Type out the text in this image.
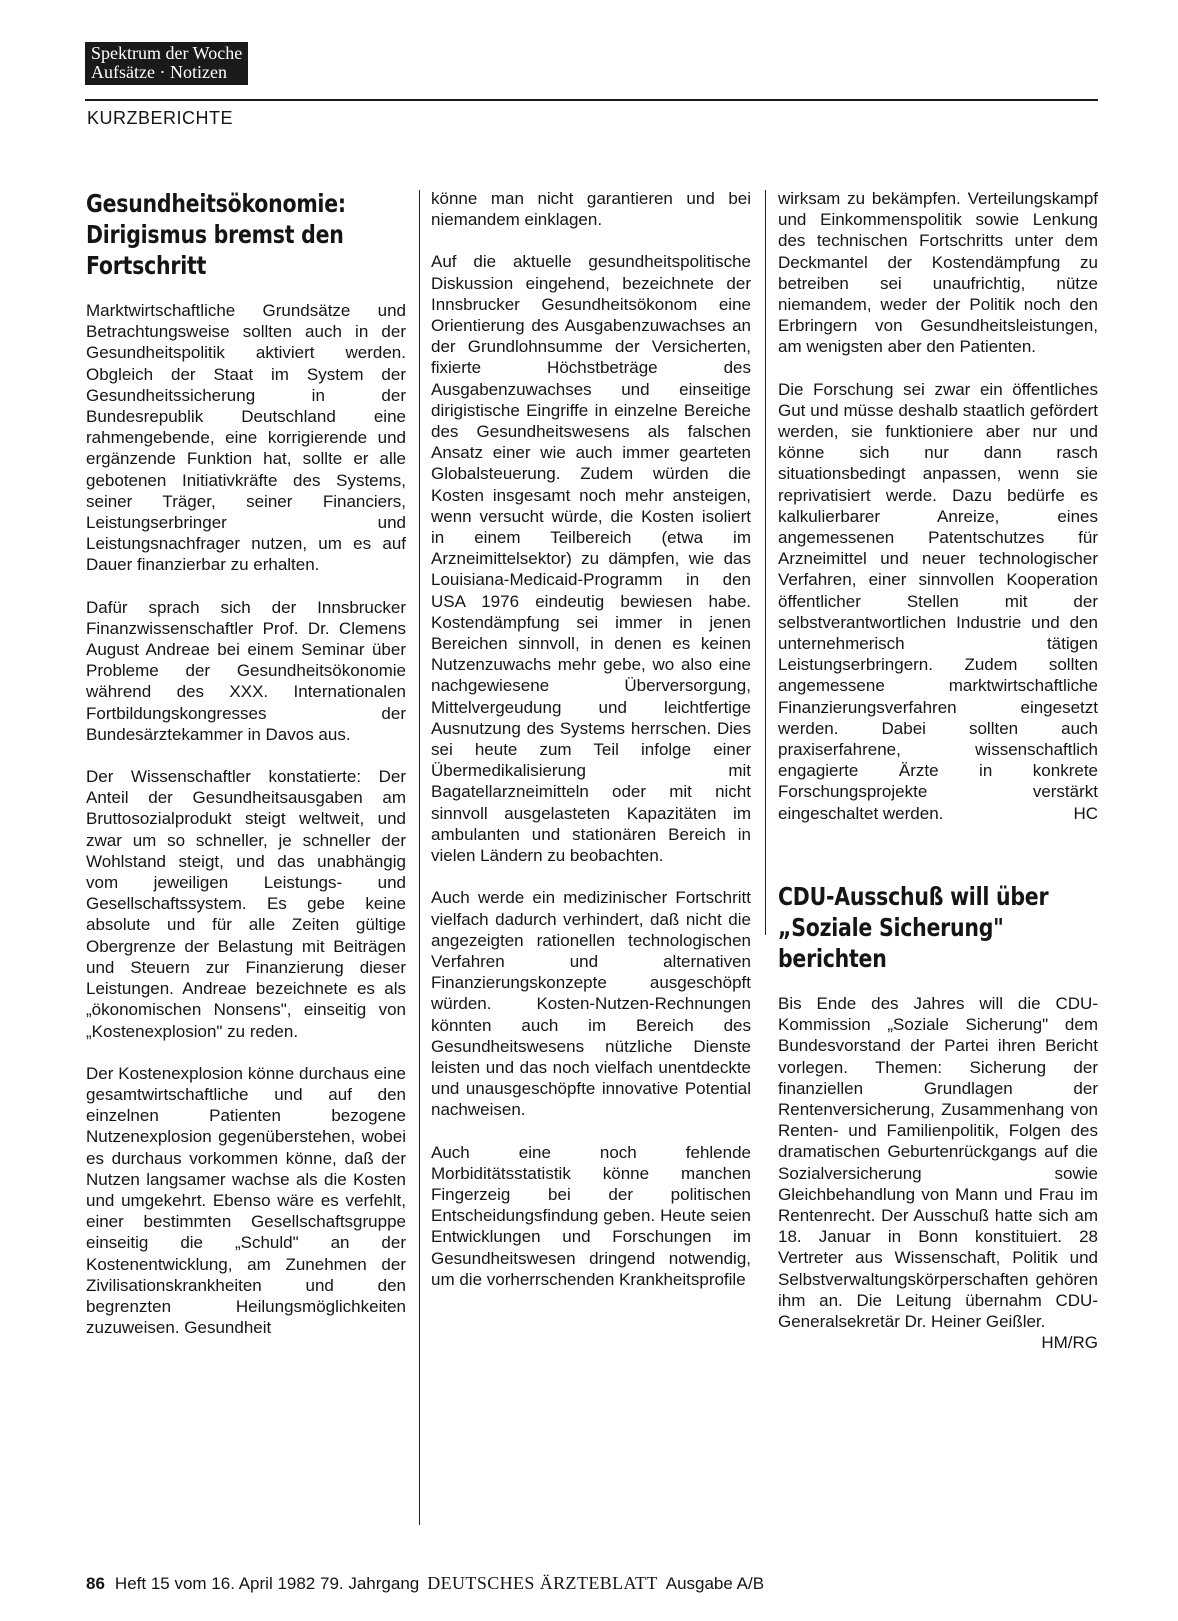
Spektrum der Woche
Aufsätze · Notizen
KURZBERICHTE
Gesundheitsökonomie: Dirigismus bremst den Fortschritt

Marktwirtschaftliche Grundsätze und Betrachtungsweise sollten auch in der Gesundheitspolitik aktiviert werden. Obgleich der Staat im System der Gesundheitssicherung in der Bundesrepublik Deutschland eine rahmengebende, eine korrigierende und ergänzende Funktion hat, sollte er alle gebotenen Initiativkräfte des Systems, seiner Träger, seiner Financiers, Leistungserbringer und Leistungsnachfrager nutzen, um es auf Dauer finanzierbar zu erhalten.

Dafür sprach sich der Innsbrucker Finanzwissenschaftler Prof. Dr. Clemens August Andreae bei einem Seminar über Probleme der Gesundheitsökonomie während des XXX. Internationalen Fortbildungskongresses der Bundesärztekammer in Davos aus.

Der Wissenschaftler konstatierte: Der Anteil der Gesundheitsausgaben am Bruttosozialprodukt steigt weltweit, und zwar um so schneller, je schneller der Wohlstand steigt, und das unabhängig vom jeweiligen Leistungs- und Gesellschaftssystem. Es gebe keine absolute und für alle Zeiten gültige Obergrenze der Belastung mit Beiträgen und Steuern zur Finanzierung dieser Leistungen. Andreae bezeichnete es als „ökonomischen Nonsens", einseitig von „Kostenexplosion" zu reden.

Der Kostenexplosion könne durchaus eine gesamtwirtschaftliche und auf den einzelnen Patienten bezogene Nutzenexplosion gegenüberstehen, wobei es durchaus vorkommen könne, daß der Nutzen langsamer wachse als die Kosten und umgekehrt. Ebenso wäre es verfehlt, einer bestimmten Gesellschaftsgruppe einseitig die „Schuld" an der Kostenentwicklung, am Zunehmen der Zivilisationskrankheiten und den begrenzten Heilungsmöglichkeiten zuzuweisen. Gesundheit

könne man nicht garantieren und bei niemandem einklagen.

Auf die aktuelle gesundheitspolitische Diskussion eingehend, bezeichnete der Innsbrucker Gesundheitsökonom eine Orientierung des Ausgabenzuwachses an der Grundlohnsumme der Versicherten, fixierte Höchstbeträge des Ausgabenzuwachses und einseitige dirigistische Eingriffe in einzelne Bereiche des Gesundheitswesens als falschen Ansatz einer wie auch immer gearteten Globalsteuerung. Zudem würden die Kosten insgesamt noch mehr ansteigen, wenn versucht würde, die Kosten isoliert in einem Teilbereich (etwa im Arzneimittelsektor) zu dämpfen, wie das Louisiana-Medicaid-Programm in den USA 1976 eindeutig bewiesen habe. Kostendämpfung sei immer in jenen Bereichen sinnvoll, in denen es keinen Nutzenzuwachs mehr gebe, wo also eine nachgewiesene Überversorgung, Mittelvergeudung und leichtfertige Ausnutzung des Systems herrschen. Dies sei heute zum Teil infolge einer Übermedikalisierung mit Bagatellarzneimitteln oder mit nicht sinnvoll ausgelasteten Kapazitäten im ambulanten und stationären Bereich in vielen Ländern zu beobachten.

Auch werde ein medizinischer Fortschritt vielfach dadurch verhindert, daß nicht die angezeigten rationellen technologischen Verfahren und alternativen Finanzierungskonzepte ausgeschöpft würden. Kosten-Nutzen-Rechnungen könnten auch im Bereich des Gesundheitswesens nützliche Dienste leisten und das noch vielfach unentdeckte und unausgeschöpfte innovative Potential nachweisen.

Auch eine noch fehlende Morbiditätsstatistik könne manchen Fingerzeig bei der politischen Entscheidungsfindung geben. Heute seien Entwicklungen und Forschungen im Gesundheitswesen dringend notwendig, um die vorherrschenden Krankheitsprofile

wirksam zu bekämpfen. Verteilungskampf und Einkommenspolitik sowie Lenkung des technischen Fortschritts unter dem Deckmantel der Kostendämpfung zu betreiben sei unaufrichtig, nütze niemandem, weder der Politik noch den Erbringern von Gesundheitsleistungen, am wenigsten aber den Patienten.

Die Forschung sei zwar ein öffentliches Gut und müsse deshalb staatlich gefördert werden, sie funktioniere aber nur und könne sich nur dann rasch situationsbedingt anpassen, wenn sie reprivatisiert werde. Dazu bedürfe es kalkulierbarer Anreize, eines angemessenen Patentschutzes für Arzneimittel und neuer technologischer Verfahren, einer sinnvollen Kooperation öffentlicher Stellen mit der selbstverantwortlichen Industrie und den unternehmerisch tätigen Leistungserbringern. Zudem sollten angemessene marktwirtschaftliche Finanzierungsverfahren eingesetzt werden. Dabei sollten auch praxiserfahrene, wissenschaftlich engagierte Ärzte in konkrete Forschungsprojekte verstärkt eingeschaltet werden.	HC

CDU-Ausschuß will über „Soziale Sicherung" berichten

Bis Ende des Jahres will die CDU-Kommission „Soziale Sicherung" dem Bundesvorstand der Partei ihren Bericht vorlegen. Themen: Sicherung der finanziellen Grundlagen der Rentenversicherung, Zusammenhang von Renten- und Familienpolitik, Folgen des dramatischen Geburtenrückgangs auf die Sozialversicherung sowie Gleichbehandlung von Mann und Frau im Rentenrecht. Der Ausschuß hatte sich am 18. Januar in Bonn konstituiert. 28 Vertreter aus Wissenschaft, Politik und Selbstverwaltungskörperschaften gehören ihm an. Die Leitung übernahm CDU-Generalsekretär Dr. Heiner Geißler.
HM/RG

86 Heft 15 vom 16. April 1982 79. Jahrgang DEUTSCHES ÄRZTEBLATT Ausgabe A/B
